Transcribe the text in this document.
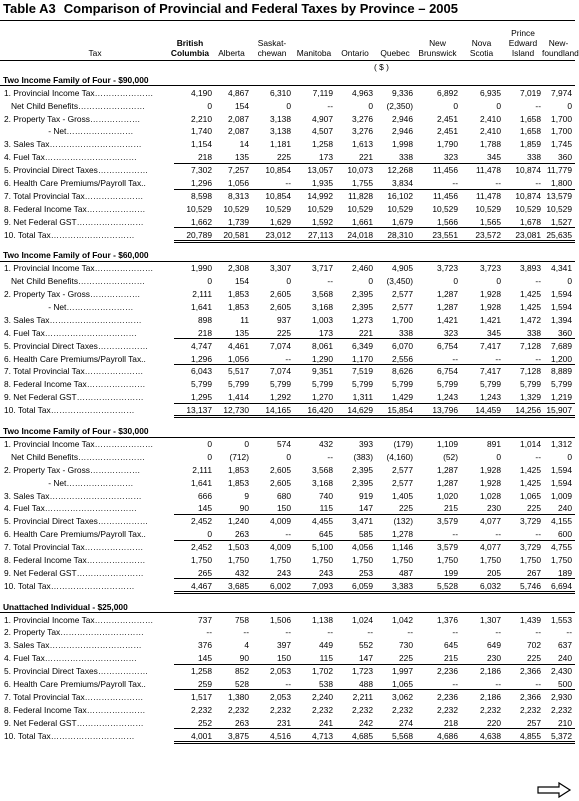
Table A3 Comparison of Provincial and Federal Taxes by Province – 2005
Tax
British
Columbia	Alberta
Saskat-
chewan	Manitoba	Ontario	Quebec
New
Brunswick
Nova
Scotia
Prince
Edward
Island
New-
foundland
( $ )
Two Income Family of Four - $90,000
1. Provincial Income Tax…………………	4,190 4,867	6,310	7,119 4,963 9,336	6,892	6,935 7,019 7,974
Net Child Benefits……………………	0	154	0	--	0 (2,350)	0	0	--	0
2. Property Tax - Gross………………	2,210 2,087	3,138	4,907 3,276 2,946	2,451	2,410 1,658 1,700
- Net……………………	1,740 2,087	3,138	4,507 3,276 2,946	2,451	2,410 1,658 1,700
3. Sales Tax……………………………	1,154	14	1,181	1,258 1,613 1,998	1,790	1,788 1,859 1,745
4. Fuel Tax……………………………	218	135	225	173	221	338	323	345	338 360
5. Provincial Direct Taxes………………	7,302 7,257 10,854 13,057 10,073 12,268 11,456 11,478 10,874 11,779
6. Health Care Premiums/Payroll Tax..	1,296 1,056	--	1,935 1,755 3,834	--	--	-- 1,800
7. Total Provincial Tax…………………	8,598 8,313 10,854 14,992 11,828 16,102 11,456 11,478 10,874 13,579
8. Federal Income Tax…………………	10,529 10,529 10,529 10,529 10,529 10,529 10,529 10,529 10,529 10,529
9. Net Federal GST……………………	1,662 1,739	1,629	1,592 1,661 1,679	1,566	1,565 1,678 1,527
10. Total Tax…………………………	20,789 20,581 23,012 27,113 24,018 28,310 23,551 23,572 23,081 25,635
Two Income Family of Four - $60,000
1. Provincial Income Tax…………………	1,990 2,308	3,307	3,717 2,460 4,905	3,723	3,723 3,893 4,341
Net Child Benefits……………………	0	154	0	--	0 (3,450)	0	0	--	0
2. Property Tax - Gross………………	2,111 1,853	2,605	3,568 2,395 2,577	1,287	1,928 1,425 1,594
- Net……………………	1,641 1,853	2,605	3,168 2,395 2,577	1,287	1,928 1,425 1,594
3. Sales Tax……………………………	898	11	937	1,003 1,273 1,700	1,421	1,421 1,472 1,394
4. Fuel Tax……………………………	218	135	225	173	221	338	323	345	338 360
5. Provincial Direct Taxes………………	4,747 4,461	7,074	8,061 6,349 6,070	6,754	7,417 7,128 7,689
6. Health Care Premiums/Payroll Tax..	1,296 1,056	--	1,290 1,170 2,556	--	--	-- 1,200
7. Total Provincial Tax…………………	6,043 5,517	7,074	9,351 7,519 8,626	6,754	7,417 7,128 8,889
8. Federal Income Tax…………………	5,799 5,799	5,799	5,799 5,799 5,799	5,799	5,799 5,799 5,799
9. Net Federal GST……………………	1,295 1,414	1,292	1,270 1,311 1,429	1,243	1,243 1,329 1,219
10. Total Tax…………………………	13,137 12,730 14,165 16,420 14,629 15,854 13,796 14,459 14,256 15,907
Two Income Family of Four - $30,000
1. Provincial Income Tax…………………	0	0	574	432	393 (179)	1,109	891 1,014 1,312
Net Child Benefits……………………	0 (712)	0	-- (383) (4,160)	(52)	0	--	0
2. Property Tax - Gross………………	2,111 1,853	2,605	3,568 2,395 2,577	1,287	1,928 1,425 1,594
- Net……………………	1,641 1,853	2,605	3,168 2,395 2,577	1,287	1,928 1,425 1,594
3. Sales Tax……………………………	666	9	680	740	919 1,405	1,020	1,028 1,065 1,009
4. Fuel Tax……………………………	145	90	150	115	147	225	215	230	225 240
5. Provincial Direct Taxes………………	2,452 1,240	4,009	4,455 3,471 (132)	3,579	4,077 3,729 4,155
6. Health Care Premiums/Payroll Tax..	0	263	--	645	585 1,278	--	--	-- 600
7. Total Provincial Tax…………………	2,452 1,503	4,009	5,100 4,056 1,146	3,579	4,077 3,729 4,755
8. Federal Income Tax…………………	1,750 1,750	1,750	1,750 1,750 1,750	1,750	1,750 1,750 1,750
9. Net Federal GST……………………	265	432	243	243	253	487	199	205	267 189
10. Total Tax…………………………	4,467 3,685	6,002	7,093 6,059 3,383	5,528	6,032 5,746 6,694
Unattached Individual - $25,000
1. Provincial Income Tax…………………	737	758	1,506	1,138 1,024 1,042	1,376	1,307 1,439 1,553
2. Property Tax…………………………	--	--	--	--	--	--	--	--	--	--
3. Sales Tax……………………………	376	4	397	449	552	730	645	649	702 637
4. Fuel Tax……………………………	145	90	150	115	147	225	215	230	225 240
5. Provincial Direct Taxes………………	1,258	852	2,053	1,702 1,723 1,997	2,236	2,186 2,366 2,430
6. Health Care Premiums/Payroll Tax..	259	528	--	538	488 1,065	--	--	-- 500
7. Total Provincial Tax…………………	1,517 1,380	2,053	2,240 2,211 3,062	2,236	2,186 2,366 2,930
8. Federal Income Tax…………………	2,232 2,232	2,232	2,232 2,232 2,232	2,232	2,232 2,232 2,232
9. Net Federal GST……………………	252	263	231	241	242	274	218	220	257 210
10. Total Tax…………………………	4,001 3,875	4,516	4,713 4,685 5,568	4,686	4,638 4,855 5,372
